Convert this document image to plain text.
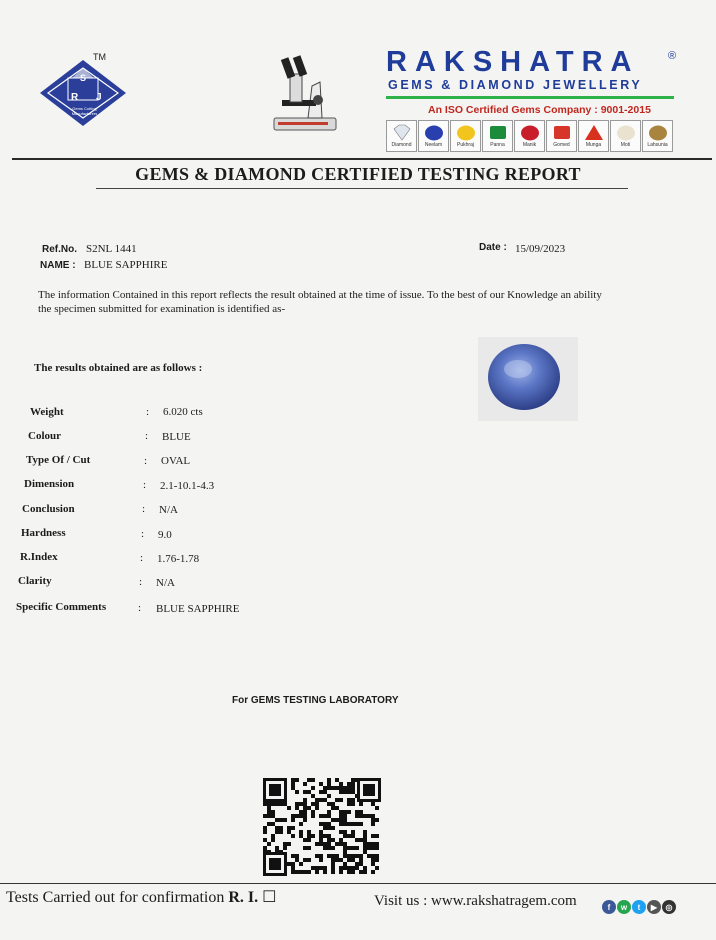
S
R J
Gems Cutting Manufacturers
TM	RAKSHATRA	®
GEMS & DIAMOND JEWELLERY
An ISO Certified Gems Company : 9001-2015
Diamond	Neelam	Pukhraj	Panna	Manik	Gomed	Munga	Moti	Lahsunia
GEMS & DIAMOND CERTIFIED TESTING REPORT
Ref.No. S2NL 1441
NAME : BLUE SAPPHIRE
Date : 15/09/2023
The information Contained in this report reflects the result obtained at the time of issue. To the best of our Knowledge an ability the specimen submitted for examination is identified as-
The results obtained are as follows :
Weight	: 6.020 cts
Colour	: BLUE
Type Of / Cut	: OVAL
Dimension	: 2.1-10.1-4.3
Conclusion	: N/A
Hardness	: 9.0
R.Index	: 1.76-1.78
Clarity	: N/A
Specific Comments	: BLUE SAPPHIRE
For GEMS TESTING LABORATORY
Tests Carried out for confirmation R. I. ☐	Visit us : www.rakshatragem.com	f	w	t	▶	◎
